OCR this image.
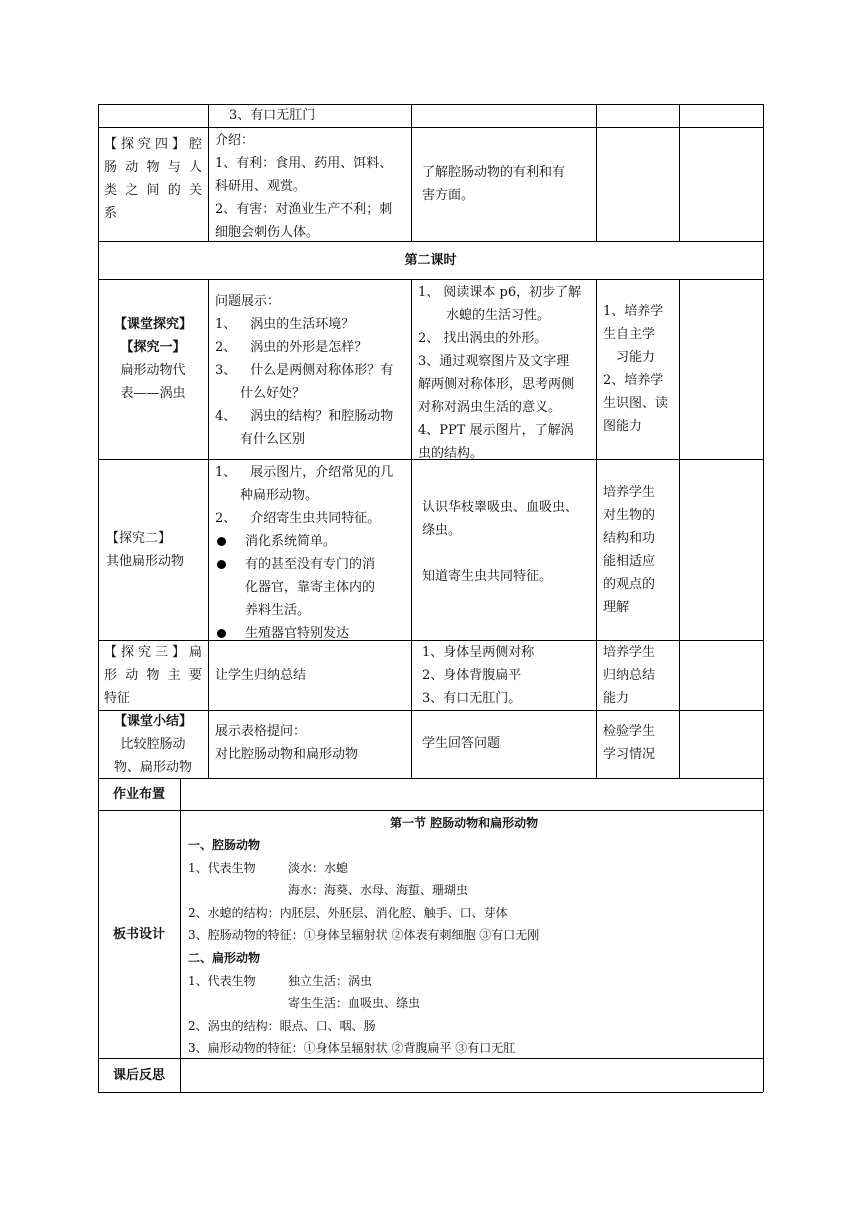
3、有口无肛门
【探究四】腔
肠动物与人
类之间的关
系
介绍：
1、有利：食用、药用、饵料、
科研用、观赏。
2、有害：对渔业生产不利；刺
细胞会刺伤人体。
了解腔肠动物的有利和有
害方面。
第二课时
【课堂探究】
【探究一】
扁形动物代
表——涡虫
问题展示：
1、 涡虫的生活环境？
2、 涡虫的外形是怎样？
3、 什么是两侧对称体形？有
什么好处？
4、 涡虫的结构？和腔肠动物
有什么区别
1、 阅读课本 p6，初步了解
水螅的生活习性。
2、 找出涡虫的外形。
3、通过观察图片及文字理
解两侧对称体形，思考两侧
对称对涡虫生活的意义。
4、PPT 展示图片，了解涡
虫的结构。
1、培养学
生自主学
习能力
2、培养学
生识图、读
图能力
【探究二】
其他扁形动物
1、 展示图片，介绍常见的几
种扁形动物。
2、 介绍寄生虫共同特征。
消化系统简单。
有的甚至没有专门的消
化器官，靠寄主体内的
养料生活。
生殖器官特别发达
认识华枝睾吸虫、血吸虫、
绦虫。
知道寄生虫共同特征。
培养学生
对生物的
结构和功
能相适应
的观点的
理解
【探究三】扁
形动物主要
特征
让学生归纳总结
1、身体呈两侧对称
2、身体背腹扁平
3、有口无肛门。
培养学生
归纳总结
能力
【课堂小结】
比较腔肠动
物、扁形动物
展示表格提问：
对比腔肠动物和扁形动物
学生回答问题
检验学生
学习情况
作业布置
板书设计
第一节 腔肠动物和扁形动物
一、腔肠动物
1、代表生物	淡水：水螅
海水：海葵、水母、海蜇、珊瑚虫
2、水螅的结构：内胚层、外胚层、消化腔、触手、口、芽体
3、腔肠动物的特征：①身体呈辐射状 ②体表有刺细胞 ③有口无刚
二、扁形动物
1、代表生物	独立生活：涡虫
寄生生活：血吸虫、绦虫
2、涡虫的结构：眼点、口、咽、肠
3、扁形动物的特征：①身体呈辐射状 ②背腹扁平 ③有口无肛
课后反思
